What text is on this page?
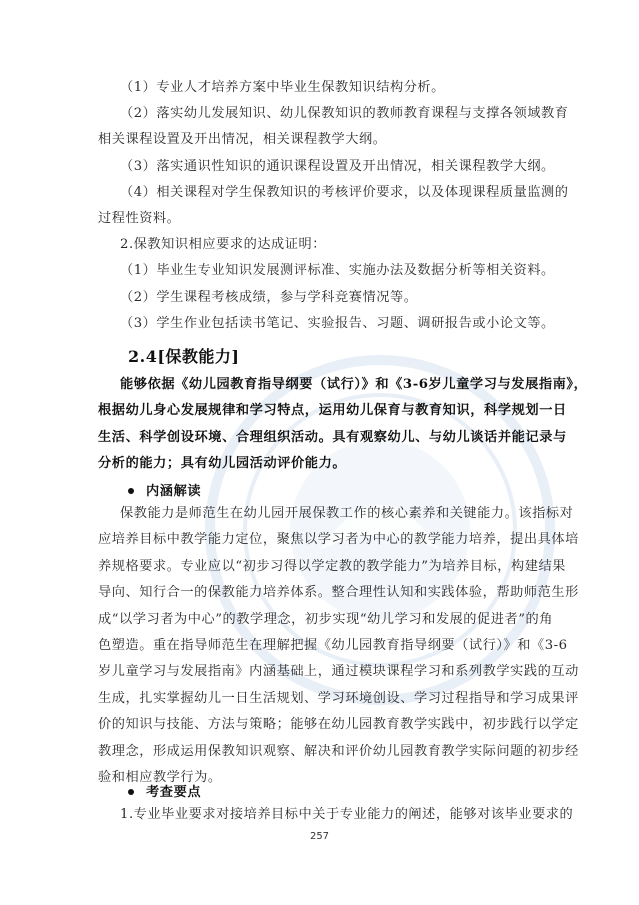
（1）专业人才培养方案中毕业生保教知识结构分析。
（2）落实幼儿发展知识、幼儿保教知识的教师教育课程与支撑各领域教育
相关课程设置及开出情况，相关课程教学大纲。
（3）落实通识性知识的通识课程设置及开出情况，相关课程教学大纲。
（4）相关课程对学生保教知识的考核评价要求，以及体现课程质量监测的
过程性资料。
2.保教知识相应要求的达成证明：
（1）毕业生专业知识发展测评标准、实施办法及数据分析等相关资料。
（2）学生课程考核成绩，参与学科竞赛情况等。
（3）学生作业包括读书笔记、实验报告、习题、调研报告或小论文等。
2.4[保教能力]
能够依据《幼儿园教育指导纲要（试行）》和《3-6岁儿童学习与发展指南》，
根据幼儿身心发展规律和学习特点，运用幼儿保育与教育知识，科学规划一日
生活、科学创设环境、合理组织活动。具有观察幼儿、与幼儿谈话并能记录与
分析的能力；具有幼儿园活动评价能力。
内涵解读
保教能力是师范生在幼儿园开展保教工作的核心素养和关键能力。该指标对
应培养目标中教学能力定位，聚焦以学习者为中心的教学能力培养，提出具体培
养规格要求。专业应以“初步习得以学定教的教学能力”为培养目标，构建结果
导向、知行合一的保教能力培养体系。整合理性认知和实践体验，帮助师范生形
成“以学习者为中心”的教学理念，初步实现“幼儿学习和发展的促进者”的角
色塑造。重在指导师范生在理解把握《幼儿园教育指导纲要（试行）》和《3-6
岁儿童学习与发展指南》内涵基础上，通过模块课程学习和系列教学实践的互动
生成，扎实掌握幼儿一日生活规划、学习环境创设、学习过程指导和学习成果评
价的知识与技能、方法与策略；能够在幼儿园教育教学实践中，初步践行以学定
教理念，形成运用保教知识观察、解决和评价幼儿园教育教学实际问题的初步经
验和相应教学行为。
考查要点
1.专业毕业要求对接培养目标中关于专业能力的阐述，能够对该毕业要求的
257
